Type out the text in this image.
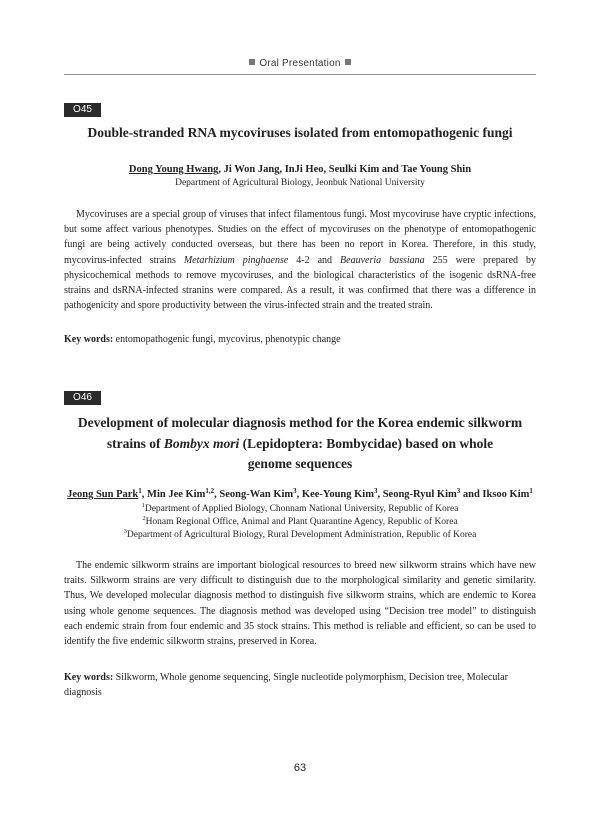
Oral Presentation
O45
Double-stranded RNA mycoviruses isolated from entomopathogenic fungi
Dong Young Hwang, Ji Won Jang, InJi Heo, Seulki Kim and Tae Young Shin
Department of Agricultural Biology, Jeonbuk National University
Mycoviruses are a special group of viruses that infect filamentous fungi. Most mycoviruse have cryptic infections, but some affect various phenotypes. Studies on the effect of mycoviruses on the phenotype of entomopathogenic fungi are being actively conducted overseas, but there has been no report in Korea. Therefore, in this study, mycovirus-infected strains Metarhizium pinghaense 4-2 and Beauveria bassiana 255 were prepared by physicochemical methods to remove mycoviruses, and the biological characteristics of the isogenic dsRNA-free strains and dsRNA-infected stranins were compared. As a result, it was confirmed that there was a difference in pathogenicity and spore productivity between the virus-infected strain and the treated strain.
Key words: entomopathogenic fungi, mycovirus, phenotypic change
O46
Development of molecular diagnosis method for the Korea endemic silkworm
strains of Bombyx mori (Lepidoptera: Bombycidae) based on whole
genome sequences
Jeong Sun Park$^1$, Min Jee Kim$^{1,2}$, Seong-Wan Kim$^3$, Kee-Young Kim$^3$, Seong-Ryul Kim$^3$ and Iksoo Kim$^1$
$^1$Department of Applied Biology, Chonnam National University, Republic of Korea
$^2$Honam Regional Office, Animal and Plant Quarantine Agency, Republic of Korea
$^3$Department of Agricultural Biology, Rural Development Administration, Republic of Korea
The endemic silkworm strains are important biological resources to breed new silkworm strains which have new traits. Silkworm strains are very difficult to distinguish due to the morphological similarity and genetic similarity. Thus, We developed molecular diagnosis method to distinguish five silkworm strains, which are endemic to Korea using whole genome sequences. The diagnosis method was developed using “Decision tree model” to distinguish each endemic strain from four endemic and 35 stock strains. This method is reliable and efficient, so can be used to identify the five endemic silkworm strains, preserved in Korea.
Key words: Silkworm, Whole genome sequencing, Single nucleotide polymorphism, Decision tree, Molecular diagnosis
63
